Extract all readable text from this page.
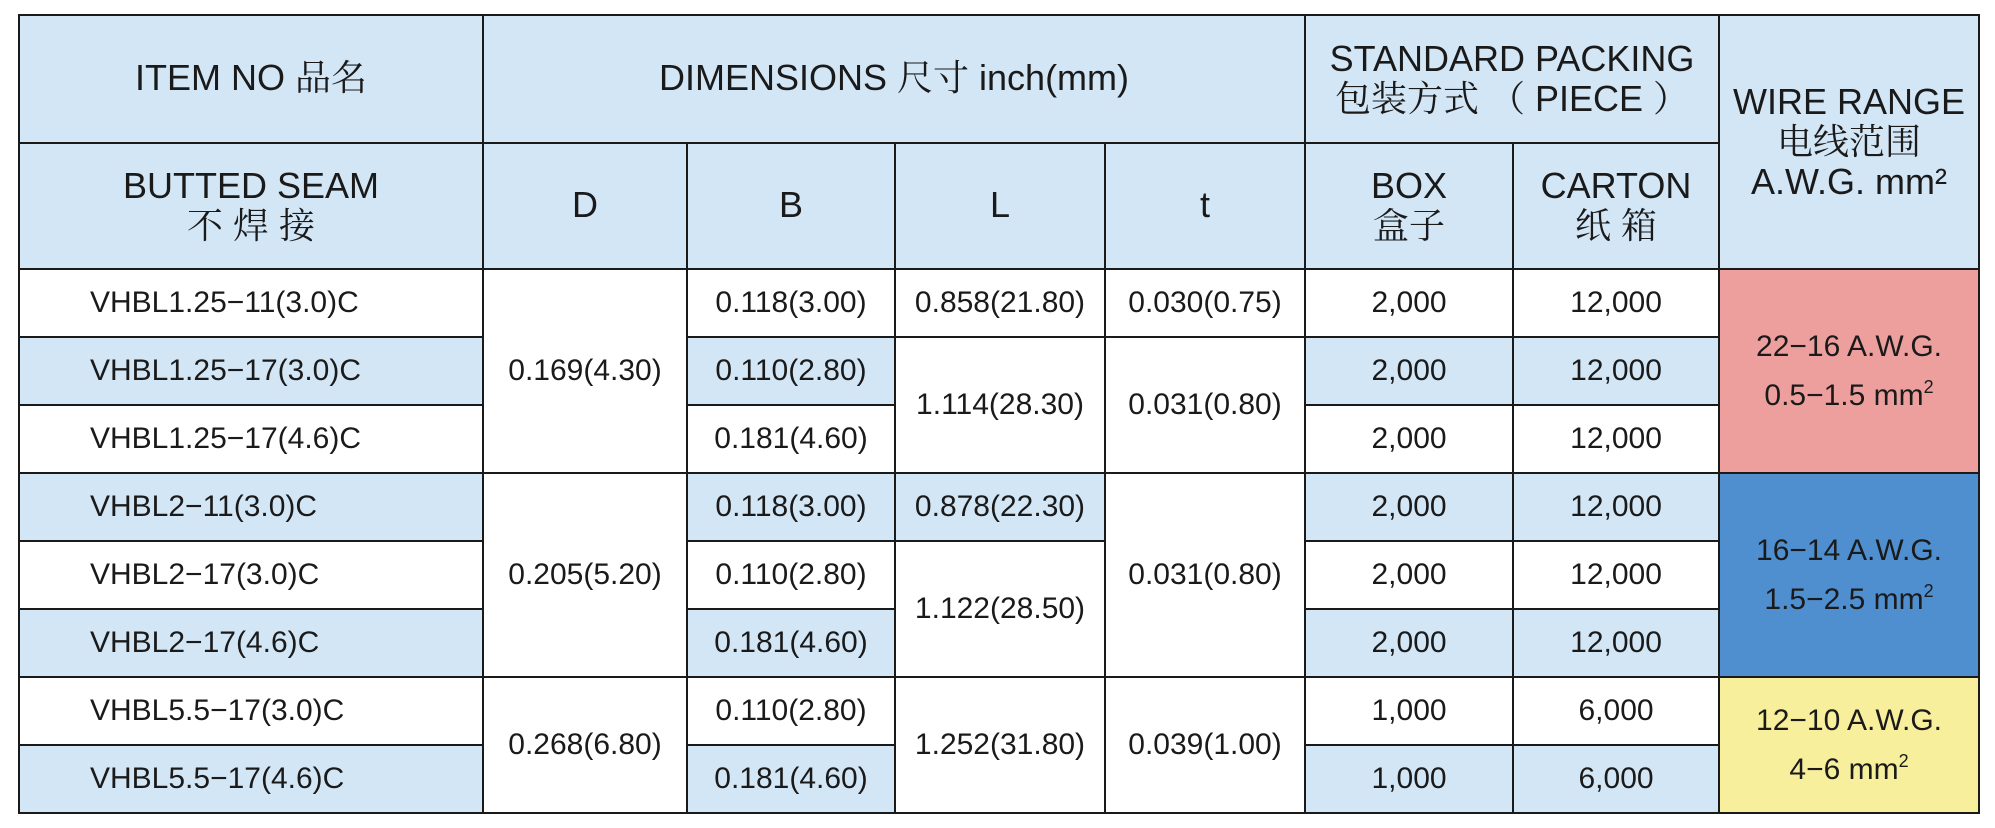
ITEM NO 品名	DIMENSIONS 尺寸 inch(mm)				STANDARD PACKING
包装方式 （ PIECE ）		WIRE RANGE
电线范围
A.W.G. mm²

BUTTED SEAM
不 焊 接	D	B	L	t	BOX
盒子	CARTON
纸 箱	

VHBL1.25−11(3.0)C	0.169(4.30)	0.118(3.00)	0.858(21.80)	0.030(0.75)	2,000	12,000	22−16 A.W.G.
0.5−1.5 $mm^2$

VHBL1.25−17(3.0)C		0.110(2.80)	1.114(28.30)	0.031(0.80)	2,000	12,000	
VHBL1.25−17(4.6)C		0.181(4.60)			2,000	12,000	
VHBL2−11(3.0)C	0.205(5.20)	0.118(3.00)	0.878(22.30)	0.031(0.80)	2,000	12,000	16−14 A.W.G.
1.5−2.5 $mm^2$

VHBL2−17(3.0)C		0.110(2.80)	1.122(28.50)		2,000	12,000	
VHBL2−17(4.6)C		0.181(4.60)			2,000	12,000	
VHBL5.5−17(3.0)C	0.268(6.80)	0.110(2.80)	1.252(31.80)	0.039(1.00)	1,000	6,000	12−10 A.W.G.
4−6 $mm^2$

VHBL5.5−17(4.6)C		0.181(4.60)			1,000	6,000	
